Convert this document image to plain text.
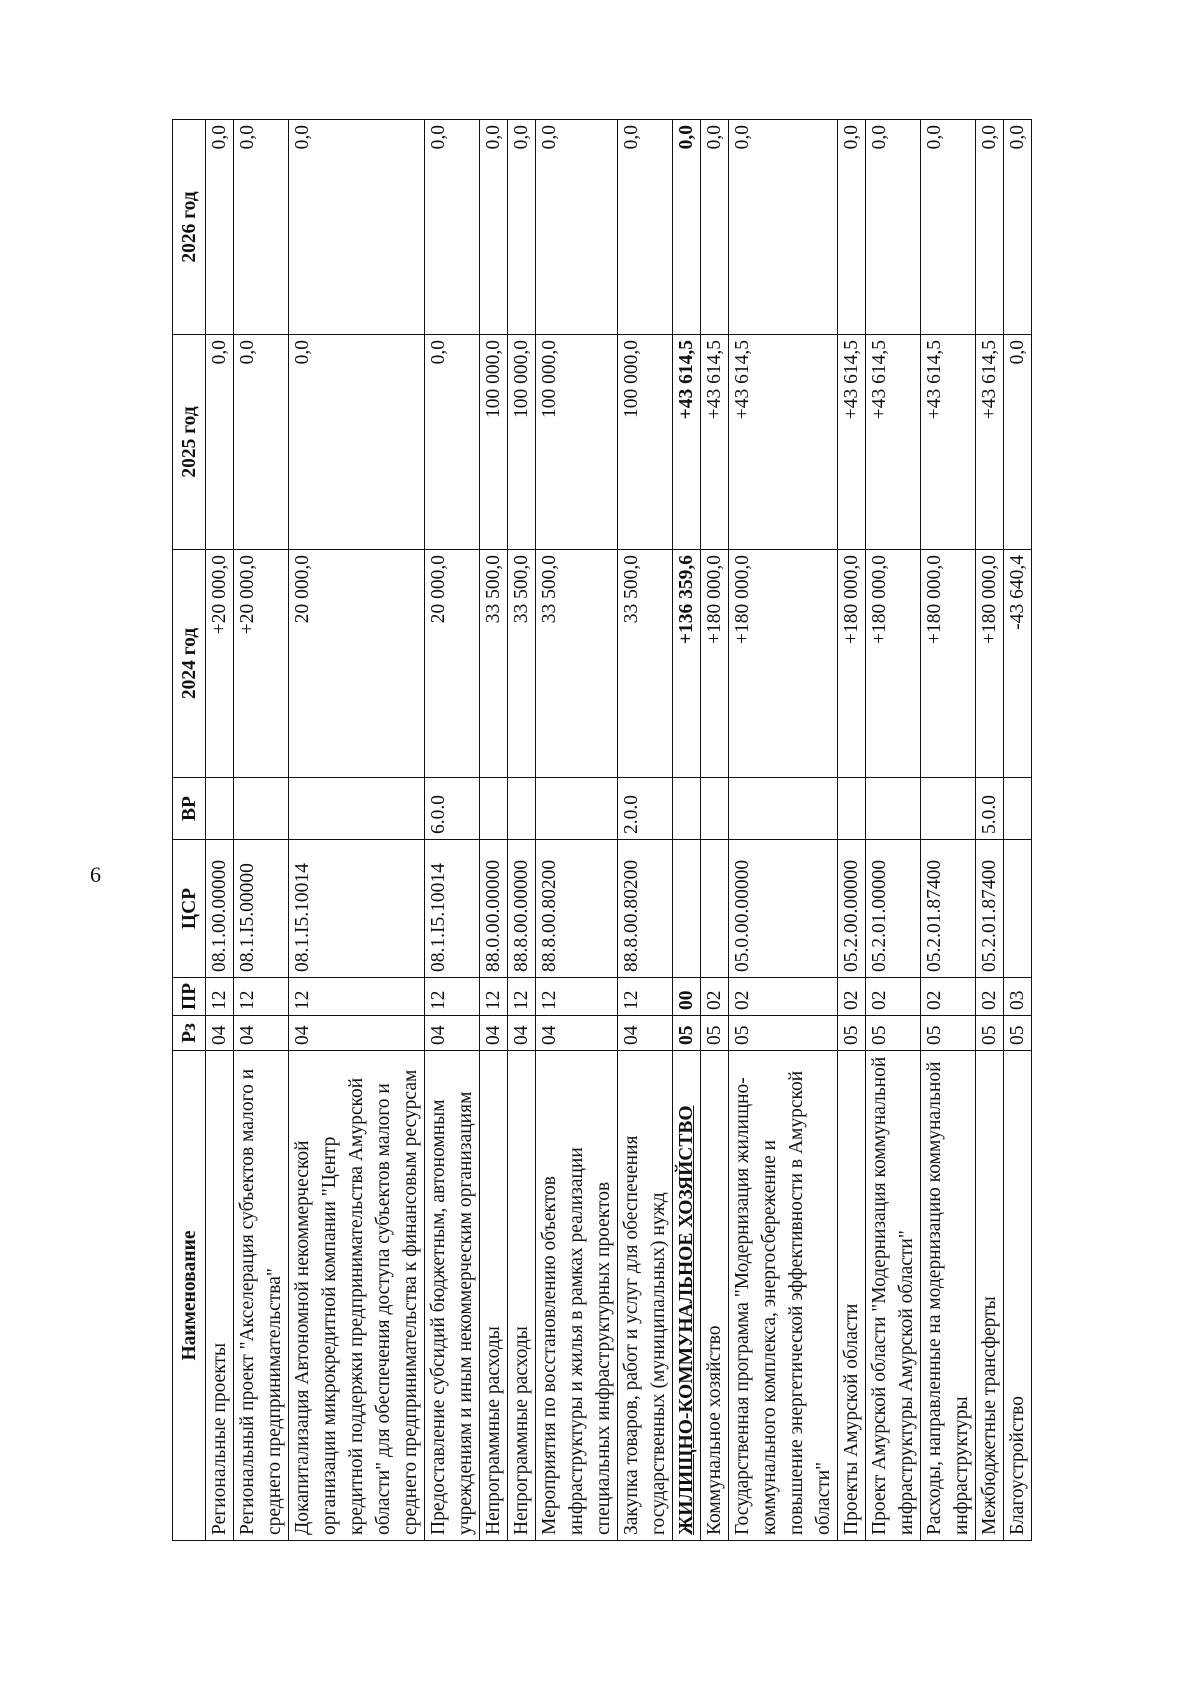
6
Наименование	Рз	ПР	ЦСР	ВР	2024 год	2025 год	2026 год
Региональные проекты	04	12	08.1.00.00000		+20 000,0	0,0	0,0
Региональный проект "Акселерация субъектов малого и среднего предпринимательства"	04	12	08.1.I5.00000		+20 000,0	0,0	0,0
Докапитализация Автономной некоммерческой организации микрокредитной компании "Центр кредитной поддержки предпринимательства Амурской области" для обеспечения доступа субъектов малого и среднего предпринимательства к финансовым ресурсам	04	12	08.1.I5.10014		20 000,0	0,0	0,0
Предоставление субсидий бюджетным, автономным учреждениям и иным некоммерческим организациям	04	12	08.1.I5.10014	6.0.0	20 000,0	0,0	0,0
Непрограммные расходы	04	12	88.0.00.00000		33 500,0	100 000,0	0,0
Непрограммные расходы	04	12	88.8.00.00000		33 500,0	100 000,0	0,0
Мероприятия по восстановлению объектов инфраструктуры и жилья в рамках реализации специальных инфраструктурных проектов	04	12	88.8.00.80200		33 500,0	100 000,0	0,0
Закупка товаров, работ и услуг для обеспечения государственных (муниципальных) нужд	04	12	88.8.00.80200	2.0.0	33 500,0	100 000,0	0,0
ЖИЛИЩНО-КОММУНАЛЬНОЕ ХОЗЯЙСТВО	05	00			+136 359,6	+43 614,5	0,0
Коммунальное хозяйство	05	02			+180 000,0	+43 614,5	0,0
Государственная программа "Модернизация жилищно-коммунального комплекса, энергосбережение и повышение энергетической эффективности в Амурской области"	05	02	05.0.00.00000		+180 000,0	+43 614,5	0,0
Проекты Амурской области	05	02	05.2.00.00000		+180 000,0	+43 614,5	0,0
Проект Амурской области "Модернизация коммунальной инфраструктуры Амурской области"	05	02	05.2.01.00000		+180 000,0	+43 614,5	0,0
Расходы, направленные на модернизацию коммунальной инфраструктуры	05	02	05.2.01.87400		+180 000,0	+43 614,5	0,0
Межбюджетные трансферты	05	02	05.2.01.87400	5.0.0	+180 000,0	+43 614,5	0,0
Благоустройство	05	03			-43 640,4	0,0	0,0
